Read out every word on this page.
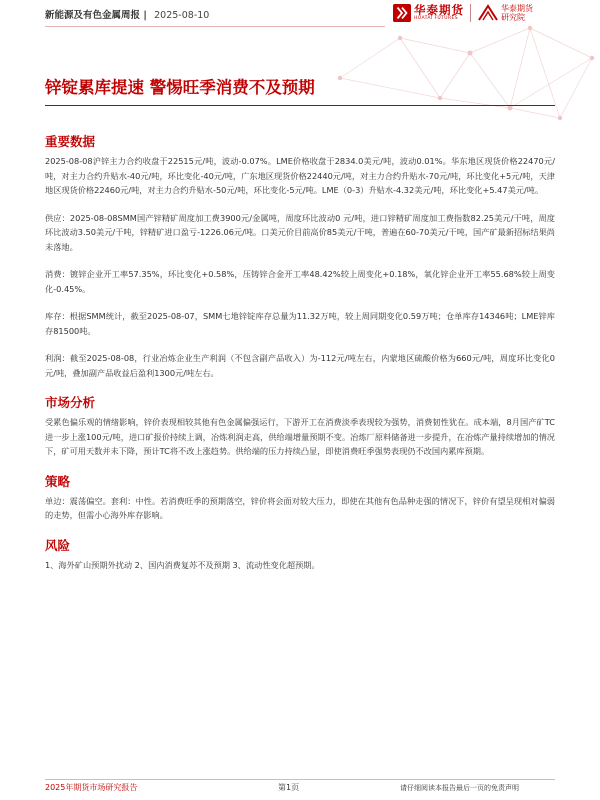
新能源及有色金属周报 | 2025-08-10	华泰期货
HUATAI FUTURES
华泰期货
研究院
锌锭累库提速 警惕旺季消费不及预期
重要数据

2025-08-08沪锌主力合约收盘于22515元/吨，波动-0.07%。LME价格收盘于2834.0美元/吨，波动0.01%。华东地区现货价格22470元/吨，对主力合约升贴水-40元/吨，环比变化-40元/吨，广东地区现货价格22440元/吨，对主力合约升贴水-70元/吨，环比变化+5元/吨，天津地区现货价格22460元/吨，对主力合约升贴水-50元/吨，环比变化-5元/吨。LME（0-3）升贴水-4.32美元/吨，环比变化+5.47美元/吨。

供应：2025-08-08SMM国产锌精矿周度加工费3900元/金属吨，周度环比波动0 元/吨，进口锌精矿周度加工费指数82.25美元/干吨，周度环比波动3.50美元/干吨，锌精矿进口盈亏-1226.06元/吨。口美元价目前高价85美元/干吨，普遍在60-70美元/干吨，国产矿最新招标结果尚未落地。

消费：镀锌企业开工率57.35%，环比变化+0.58%，压铸锌合金开工率48.42%较上周变化+0.18%，氧化锌企业开工率55.68%较上周变化-0.45%。

库存：根据SMM统计，截至2025-08-07，SMM七地锌锭库存总量为11.32万吨，较上周同期变化0.59万吨；仓单库存14346吨；LME锌库存81500吨。

利润：截至2025-08-08，行业冶炼企业生产利润（不包含副产品收入）为-112元/吨左右，内蒙地区硫酸价格为660元/吨，周度环比变化0元/吨，叠加副产品收益后盈利1300元/吨左右。

市场分析

受累色偏乐观的情绪影响，锌价表现相较其他有色金属偏强运行，下游开工在消费淡季表现较为强势，消费韧性犹在。成本端，8月国产矿TC进一步上涨100元/吨，进口矿报价持续上调，冶炼利润走高，供给端增量预期不变。冶炼厂原料储备进一步提升，在冶炼产量持续增加的情况下，矿可用天数并未下降，预计TC将不改上涨趋势。供给端的压力持续凸显，即使消费旺季强势表现仍不改国内累库预期。

策略

单边：震荡偏空。套利：中性。若消费旺季的预期落空，锌价将会面对较大压力，即使在其他有色品种走强的情况下，锌价有望呈现相对偏弱的走势，但需小心海外库存影响。

风险

1、海外矿山预期外扰动 2、国内消费复苏不及预期 3、流动性变化超预期。

2025年期货市场研究报告	第1页	请仔细阅读本报告最后一页的免责声明
